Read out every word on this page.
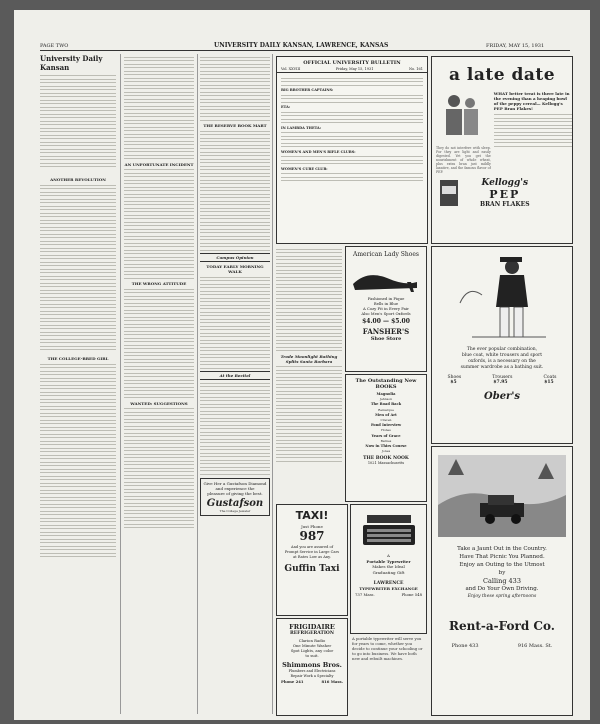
PAGE TWO	UNIVERSITY DAILY KANSAN, LAWRENCE, KANSAS	FRIDAY, MAY 15, 1931
University Daily Kansan
ANOTHER REVOLUTION
THE COLLEGE-BRED GIRL
AN UNFORTUNATE INCIDENT
THE WRONG ATTITUDE
WANTED: SUGGESTIONS
THE RESERVE BOOK MART
Campus Opinion
TODAY EARLY MORNING WALK
At the Recital
Give Her a Gustafson Diamond
and experience the
pleasure of giving the best.
Gustafson
The College Jeweler
OFFICIAL UNIVERSITY BULLETIN
Vol. XXVIII	Friday, May 15, 1931	No. 161
BIG BROTHER CAPTAINS:
ETA:
IN LAMBDA THETA:
WOMEN'S AND MEN'S RIFLE CLUBS:
WOMEN'S CUBE CLUB:
Trade Moonlight Bathing Splits Santa Barbara
American Lady Shoes
Fashioned in Pique
Bells in Blue
A Cozy Fit in Every Pair
Also Men's Sport Oxfords
$4.00 — $5.00
FANSHER'S
Shoe Store
The Outstanding New BOOKS
Magnolia
Jehnson
The Road Back
Remarque
Men of Art
Craven
Fond Interview
Hobes
Years of Grace
Barnes
Now in Thirs Course
Jones
THE BOOK NOOK
1021 Massachusetts
TAXI!
Just Phone
987
And you are assured of
Prompt Service in Large Cars
at Rates Low as Any.
Guffin Taxi
FRIGIDAIRE
REFRIGERATION
Clarion Radio
One Minute Washer
Spot Lights, any color
to suit.
Shimmons Bros.
Plumbers and Electricians
Repair Work a Specialty
Phone 241	816 Mass.
A
Portable Typewriter
Makes the Ideal
Graduating Gift
LAWRENCE
TYPEWRITER EXCHANGE
737 Mass.	Phone 548
A portable typewriter will serve you for years to come, whether you decide to continue your schooling or to go into business. We have both new and rebuilt machines.
a late date
They do not interfere with sleep. For they are light and easily digested. Yet you get the nourishment of whole wheat, plus extra bran just mildly laxative, and the famous flavor of PEP.
WHAT better treat is there late in the evening than a heaping bowl of the peppy cereal— Kellogg's PEP Bran Flakes!
Kellogg's
PEP
BRAN FLAKES
The ever popular combination,
blue coat, white trousers and sport
oxfords, is a necessary on the
summer wardrobe as a bathing suit.
Shoes	Trousers	Coats
$5	$7.95	$15
Ober's
Take a Jaunt Out in the Country.
Have That Picnic You Planned.
Enjoy an Outing to the Utmost
by
Calling 433
and Do Your Own Driving.
Enjoy these spring afternoons
Rent-a-Ford Co.
Phone 433	916 Mass. St.
